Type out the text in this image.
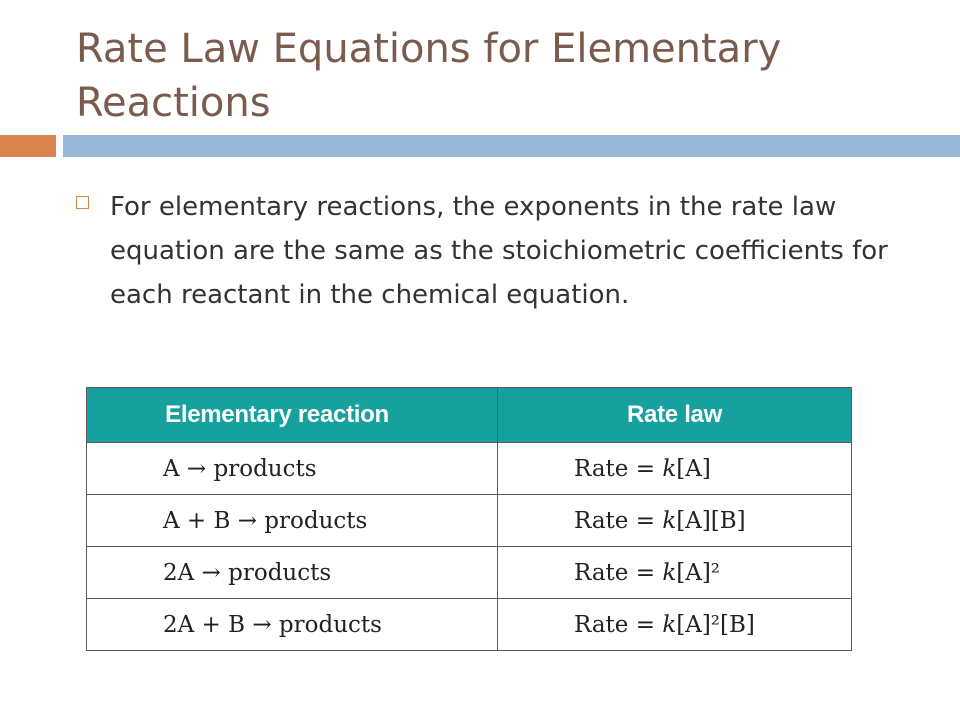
Rate Law Equations for Elementary Reactions

For elementary reactions, the exponents in the rate law equation are the same as the stoichiometric coefficients for each reactant in the chemical equation.

Elementary reaction	Rate law
A → products	Rate = k[A]
A + B → products	Rate = k[A][B]
2A → products	Rate = k[A]²
2A + B → products	Rate = k[A]²[B]
